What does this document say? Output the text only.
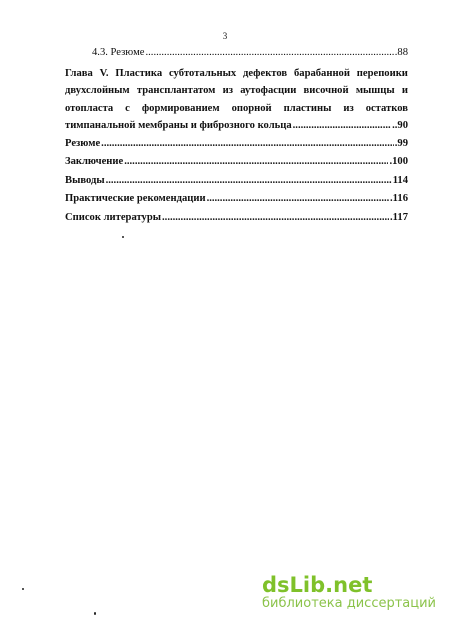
3
4.3. Резюме .....	.88
Глава V. Пластика субтотальных дефектов барабанной перепоики
двухслойным трансплантатом из аутофасции височной мышцы и
отопласта с формированием опорной пластины из остатков
тимпанальной мембраны и фиброзного кольца .....	..90
Резюме .....	.99
Заключение .....	.100
Выводы .....	114
Практические рекомендации .....	.116
Список литературы .....	.117
dsLib.net
библиотека диссертаций
